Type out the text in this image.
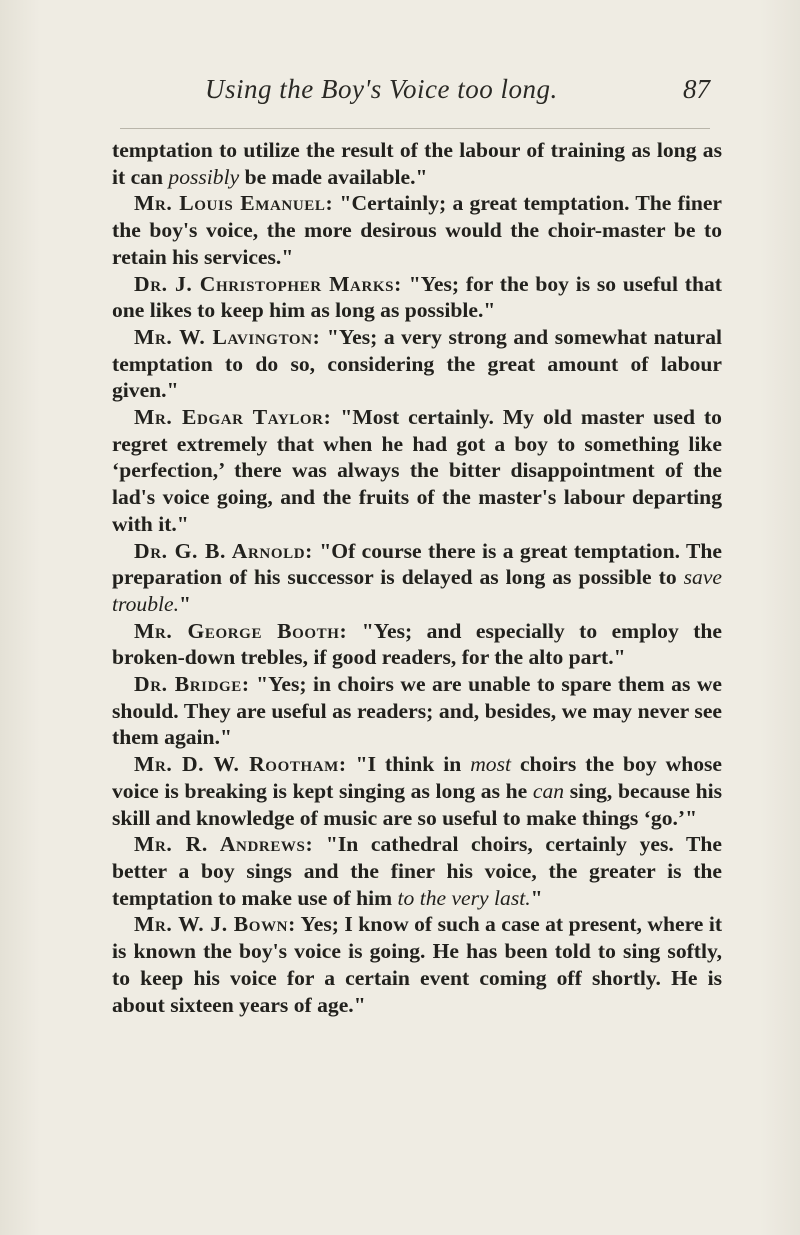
Using the Boy's Voice too long.	87

temptation to utilize the result of the labour of training as long as it can possibly be made available."

Mr. Louis Emanuel: "Certainly; a great temptation. The finer the boy's voice, the more desirous would the choir-master be to retain his services."

Dr. J. Christopher Marks: "Yes; for the boy is so useful that one likes to keep him as long as possible."

Mr. W. Lavington: "Yes; a very strong and somewhat natural temptation to do so, considering the great amount of labour given."

Mr. Edgar Taylor: "Most certainly. My old master used to regret extremely that when he had got a boy to something like ‘perfection,’ there was always the bitter disappointment of the lad's voice going, and the fruits of the master's labour departing with it."

Dr. G. B. Arnold: "Of course there is a great temptation. The preparation of his successor is delayed as long as possible to save trouble."

Mr. George Booth: "Yes; and especially to employ the broken-down trebles, if good readers, for the alto part."

Dr. Bridge: "Yes; in choirs we are unable to spare them as we should. They are useful as readers; and, besides, we may never see them again."

Mr. D. W. Rootham: "I think in most choirs the boy whose voice is breaking is kept singing as long as he can sing, because his skill and knowledge of music are so useful to make things ‘go.’"

Mr. R. Andrews: "In cathedral choirs, certainly yes. The better a boy sings and the finer his voice, the greater is the temptation to make use of him to the very last."

Mr. W. J. Bown: Yes; I know of such a case at present, where it is known the boy's voice is going. He has been told to sing softly, to keep his voice for a certain event coming off shortly. He is about sixteen years of age."
